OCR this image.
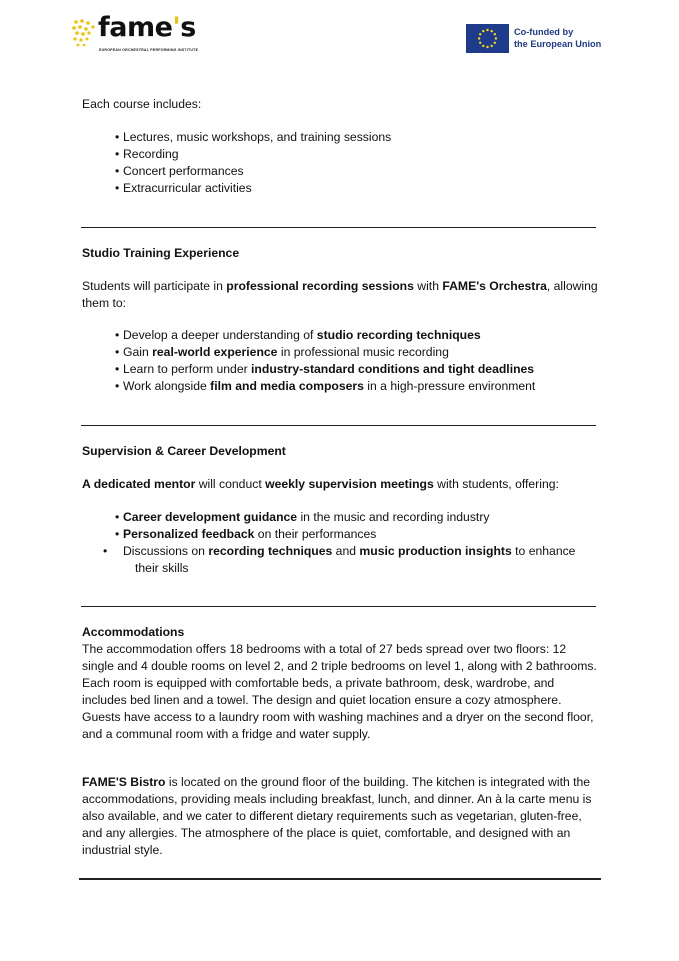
fame's
EUROPEAN ORCHESTRAL PERFORMING INSTITUTE
Co-funded by
the European Union
Each course includes:
• Lectures, music workshops, and training sessions
• Recording
• Concert performances
• Extracurricular activities
Studio Training Experience
Students will participate in professional recording sessions with FAME's Orchestra, allowing them to:
• Develop a deeper understanding of studio recording techniques
• Gain real-world experience in professional music recording
• Learn to perform under industry-standard conditions and tight deadlines
• Work alongside film and media composers in a high-pressure environment
Supervision & Career Development
A dedicated mentor will conduct weekly supervision meetings with students, offering:
• Career development guidance in the music and recording industry
• Personalized feedback on their performances
• Discussions on recording techniques and music production insights to enhance their skills
Accommodations
The accommodation offers 18 bedrooms with a total of 27 beds spread over two floors: 12 single and 4 double rooms on level 2, and 2 triple bedrooms on level 1, along with 2 bathrooms. Each room is equipped with comfortable beds, a private bathroom, desk, wardrobe, and includes bed linen and a towel. The design and quiet location ensure a cozy atmosphere. Guests have access to a laundry room with washing machines and a dryer on the second floor, and a communal room with a fridge and water supply.
FAME'S Bistro is located on the ground floor of the building. The kitchen is integrated with the accommodations, providing meals including breakfast, lunch, and dinner. An à la carte menu is also available, and we cater to different dietary requirements such as vegetarian, gluten-free, and any allergies. The atmosphere of the place is quiet, comfortable, and designed with an industrial style.
